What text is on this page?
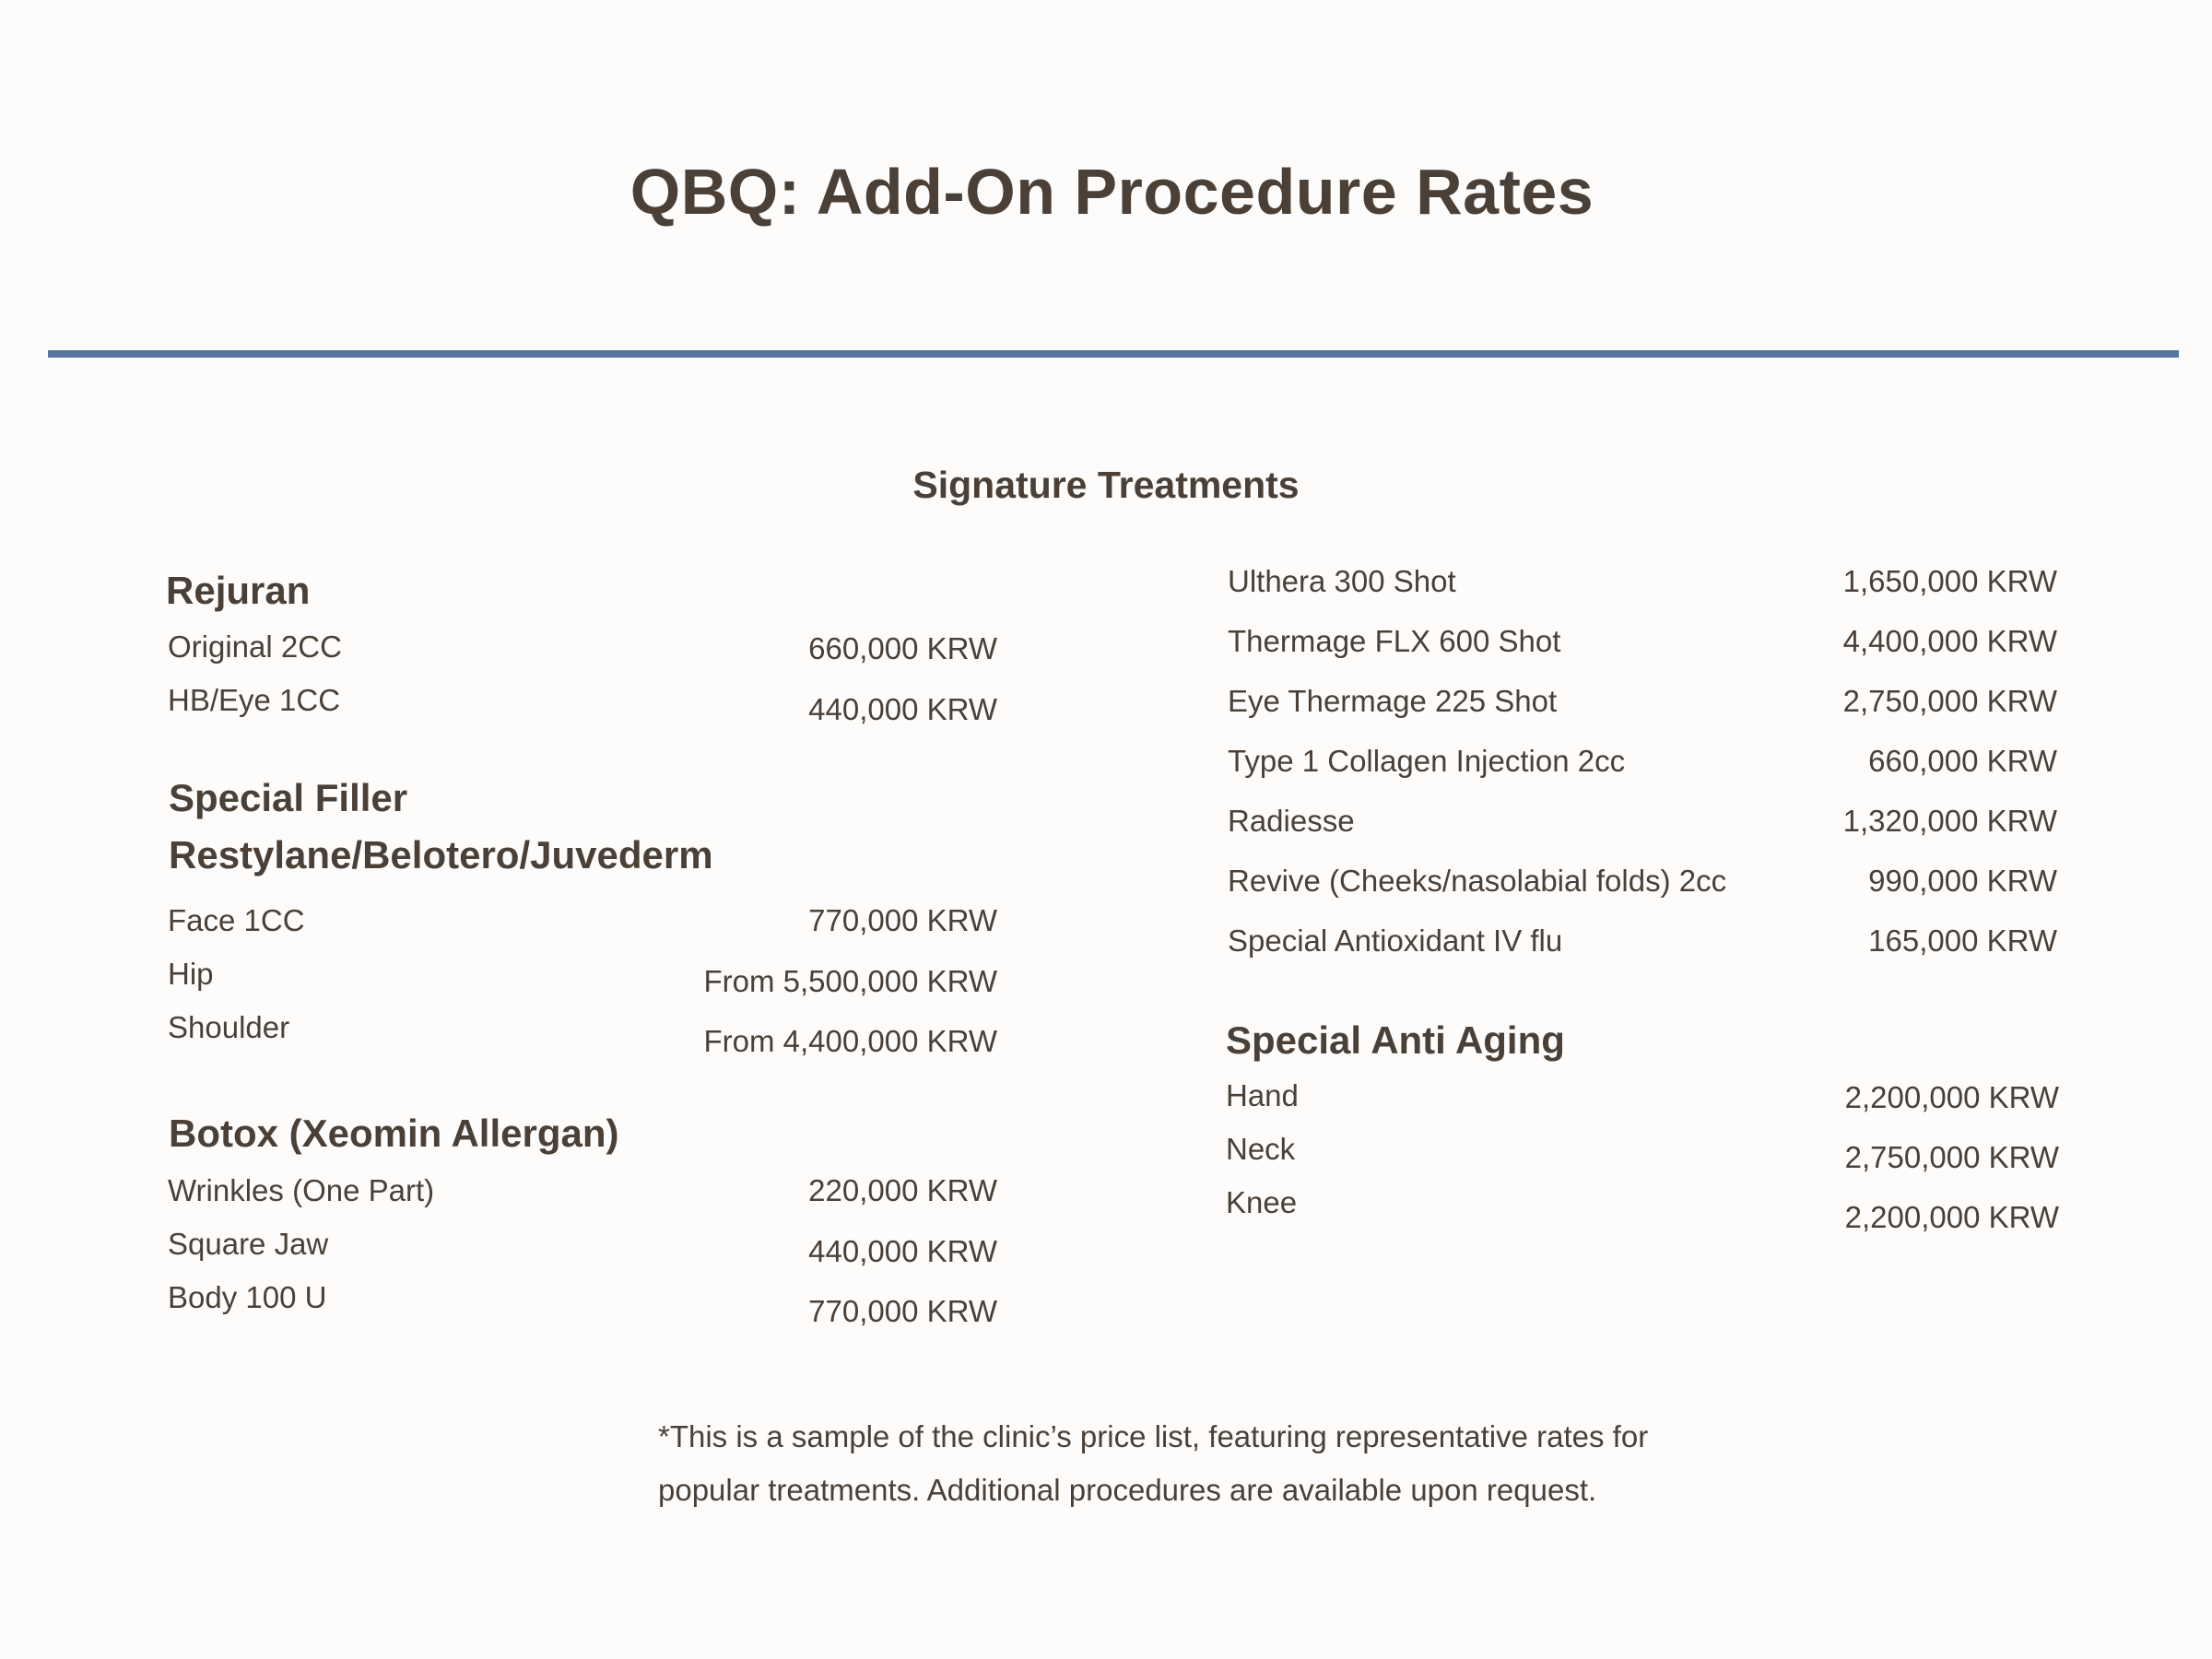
QBQ: Add-On Procedure Rates
Signature Treatments
Rejuran
Original 2CC	660,000 KRW
HB/Eye 1CC	440,000 KRW
Special Filler
Restylane/Belotero/Juvederm
Face 1CC	770,000 KRW
Hip	From 5,500,000 KRW
Shoulder	From 4,400,000 KRW
Botox (Xeomin Allergan)
Wrinkles (One Part)	220,000 KRW
Square Jaw	440,000 KRW
Body 100 U	770,000 KRW
Ulthera 300 Shot	1,650,000 KRW
Thermage FLX 600 Shot	4,400,000 KRW
Eye Thermage 225 Shot	2,750,000 KRW
Type 1 Collagen Injection 2cc	660,000 KRW
Radiesse	1,320,000 KRW
Revive (Cheeks/nasolabial folds) 2cc	990,000 KRW
Special Antioxidant IV flu	165,000 KRW
Special Anti Aging
Hand	2,200,000 KRW
Neck	2,750,000 KRW
Knee	2,200,000 KRW
*This is a sample of the clinic’s price list, featuring representative rates for
popular treatments. Additional procedures are available upon request.
